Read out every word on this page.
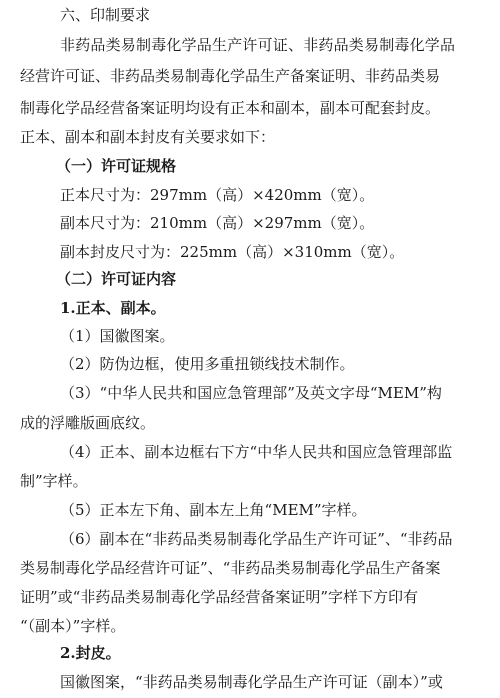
六、印制要求
非药品类易制毒化学品生产许可证、非药品类易制毒化学品
经营许可证、非药品类易制毒化学品生产备案证明、非药品类易
制毒化学品经营备案证明均设有正本和副本，副本可配套封皮。
正本、副本和副本封皮有关要求如下：
（一）许可证规格
正本尺寸为：297mm（高）×420mm（宽）。
副本尺寸为：210mm（高）×297mm（宽）。
副本封皮尺寸为：225mm（高）×310mm（宽）。
（二）许可证内容
1.正本、副本。
（1）国徽图案。
（2）防伪边框，使用多重扭锁线技术制作。
（3）“中华人民共和国应急管理部”及英文字母“MEM”构
成的浮雕版画底纹。
（4）正本、副本边框右下方“中华人民共和国应急管理部监
制”字样。
（5）正本左下角、副本左上角“MEM”字样。
（6）副本在“非药品类易制毒化学品生产许可证”、“非药品
类易制毒化学品经营许可证”、“非药品类易制毒化学品生产备案
证明”或“非药品类易制毒化学品经营备案证明”字样下方印有
“（副本）”字样。
2.封皮。
国徽图案，“非药品类易制毒化学品生产许可证（副本）”或
